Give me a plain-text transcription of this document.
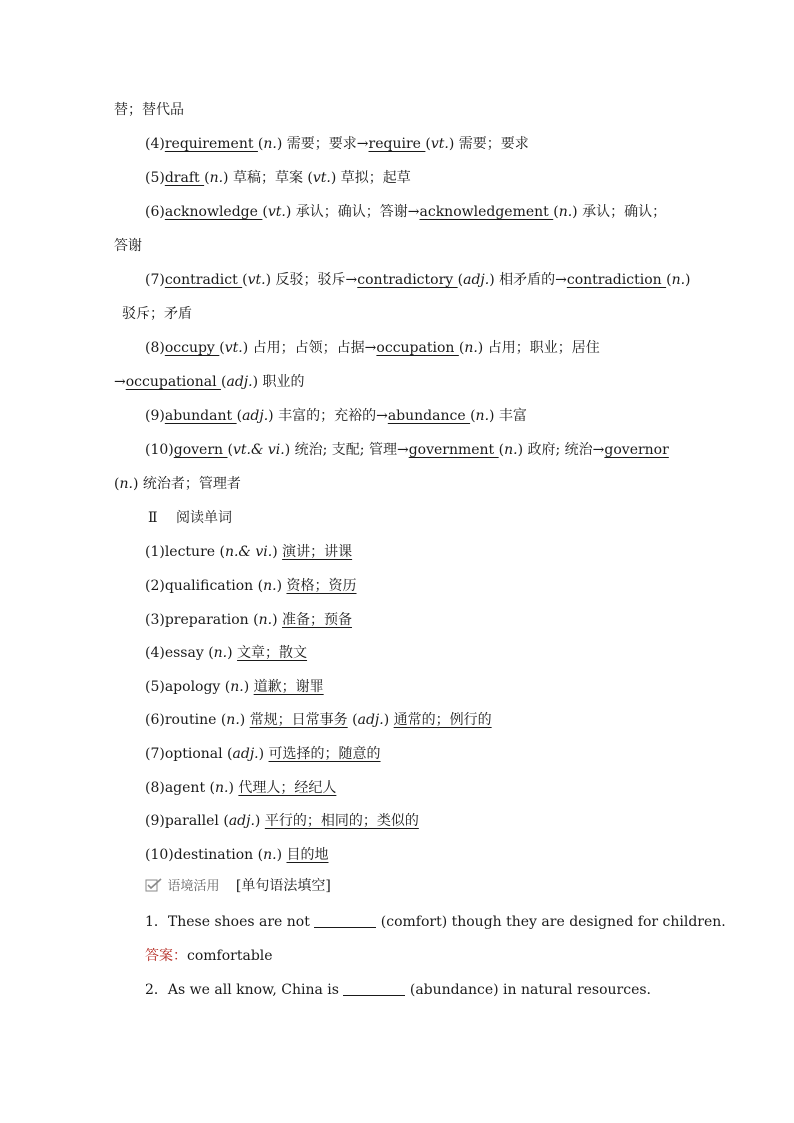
替；替代品
(4)requirement (n.) 需要；要求→require (vt.) 需要；要求
(5)draft (n.) 草稿；草案 (vt.) 草拟；起草
(6)acknowledge (vt.) 承认；确认；答谢→acknowledgement (n.) 承认；确认；
答谢
(7)contradict (vt.) 反驳；驳斥→contradictory (adj.) 相矛盾的→contradiction (n.)
驳斥；矛盾
(8)occupy (vt.) 占用；占领；占据→occupation (n.) 占用；职业；居住
→occupational (adj.) 职业的
(9)abundant (adj.) 丰富的；充裕的→abundance (n.) 丰富
(10)govern (vt.& vi.) 统治; 支配; 管理→government (n.) 政府; 统治→governor
(n.) 统治者；管理者
Ⅱ　 阅读单词
(1)lecture (n.& vi.) 演讲；讲课
(2)qualification (n.) 资格；资历
(3)preparation (n.) 准备；预备
(4)essay (n.) 文章；散文
(5)apology (n.) 道歉；谢罪
(6)routine (n.) 常规；日常事务 (adj.) 通常的；例行的
(7)optional (adj.) 可选择的；随意的
(8)agent (n.) 代理人；经纪人
(9)parallel (adj.) 平行的；相同的；类似的
(10)destination (n.) 目的地
语境活用 [单句语法填空]
1．These shoes are not	(comfort) though they are designed for children.
答案：comfortable
2．As we all know, China is	(abundance) in natural resources.
